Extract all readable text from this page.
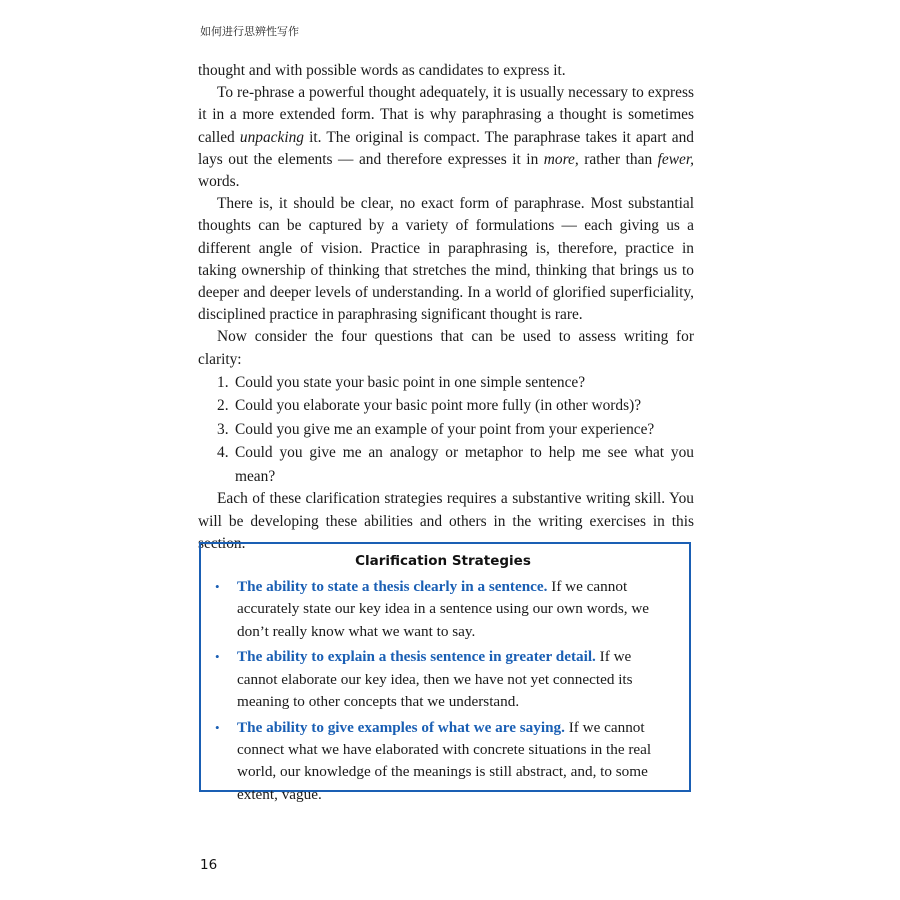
如何进行思辨性写作

thought and with possible words as candidates to express it.

To re-phrase a powerful thought adequately, it is usually necessary to express it in a more extended form. That is why paraphrasing a thought is sometimes called unpacking it. The original is compact. The paraphrase takes it apart and lays out the elements — and therefore expresses it in more, rather than fewer, words.

There is, it should be clear, no exact form of paraphrase. Most substantial thoughts can be captured by a variety of formulations — each giving us a different angle of vision. Practice in paraphrasing is, therefore, practice in taking ownership of thinking that stretches the mind, thinking that brings us to deeper and deeper levels of understanding. In a world of glorified superficiality, disciplined practice in paraphrasing significant thought is rare.

Now consider the four questions that can be used to assess writing for clarity:

1. Could you state your basic point in one simple sentence?
2. Could you elaborate your basic point more fully (in other words)?
3. Could you give me an example of your point from your experience?
4. Could you give me an analogy or metaphor to help me see what you mean?

Each of these clarification strategies requires a substantive writing skill. You will be developing these abilities and others in the writing exercises in this section.

Clarification Strategies
•	The ability to state a thesis clearly in a sentence. If we cannot accurately state our key idea in a sentence using our own words, we don’t really know what we want to say.
•	The ability to explain a thesis sentence in greater detail. If we cannot elaborate our key idea, then we have not yet connected its meaning to other concepts that we understand.
•	The ability to give examples of what we are saying. If we cannot connect what we have elaborated with concrete situations in the real world, our knowledge of the meanings is still abstract, and, to some extent, vague.
16
